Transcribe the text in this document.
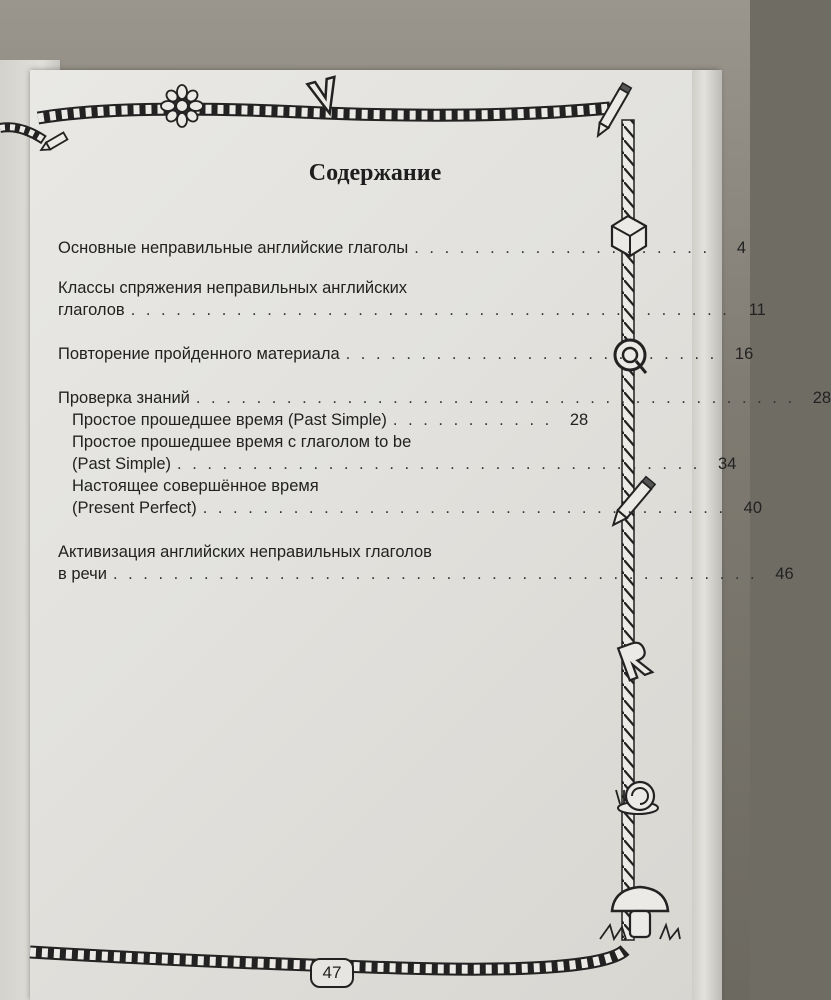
Содержание
Основные неправильные английские глаголы . . . . . . . . . . . . . . . . . . . .	4
Классы спряжения неправильных английских
глаголов . . . . . . . . . . . . . . . . . . . . . . . . . . . . . . . . . . . . . . . .	11
Повторение пройденного материала . . . . . . . . . . . . . . . . . . . . . . . . .	16
Проверка знаний . . . . . . . . . . . . . . . . . . . . . . . . . . . . . . . . . . . . . . . .	28
Простое прошедшее время (Past Simple) . . . . . . . . . . .	28
Простое прошедшее время с глаголом to be
(Past Simple) . . . . . . . . . . . . . . . . . . . . . . . . . . . . . . . . . . .	34
Настоящее совершённое время
(Present Perfect) . . . . . . . . . . . . . . . . . . . . . . . . . . . . . . . . . . .	40
Активизация английских неправильных глаголов
в речи . . . . . . . . . . . . . . . . . . . . . . . . . . . . . . . . . . . . . . . . . . .	46
47
